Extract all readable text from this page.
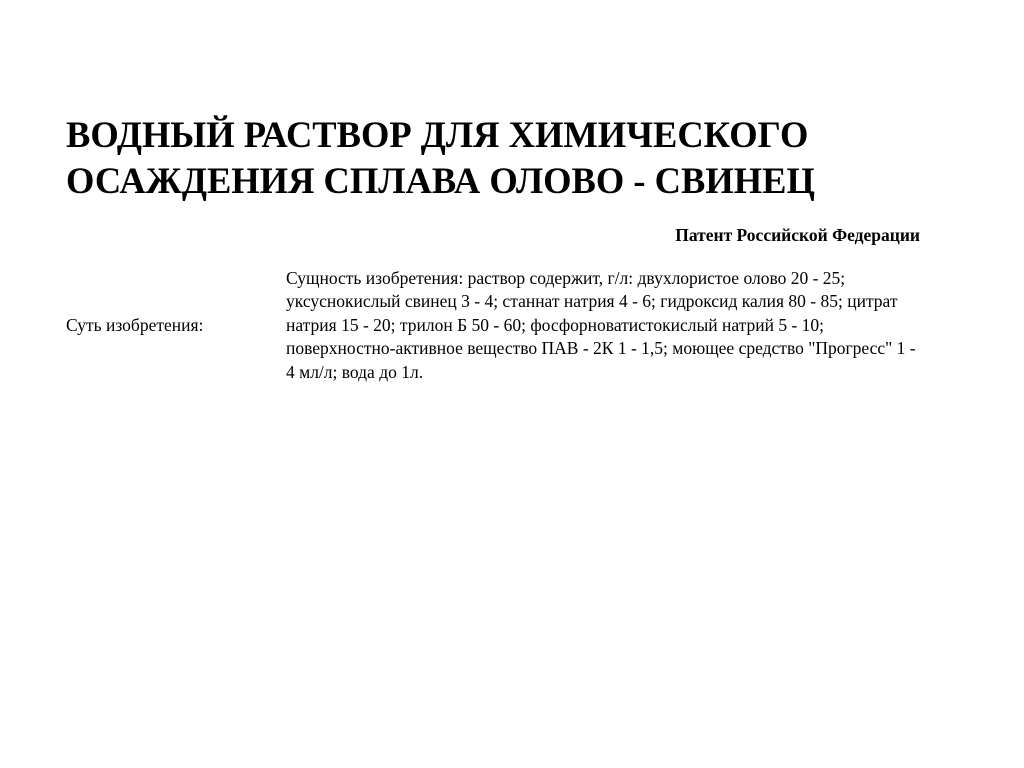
ВОДНЫЙ РАСТВОР ДЛЯ ХИМИЧЕСКОГО ОСАЖДЕНИЯ СПЛАВА ОЛОВО - СВИНЕЦ

Патент Российской Федерации

Суть изобретения:
Сущность изобретения: раствор содержит, г/л: двухлористое олово 20 - 25; уксуснокислый свинец 3 - 4; станнат натрия 4 - 6; гидроксид калия 80 - 85; цитрат натрия 15 - 20; трилон Б 50 - 60; фосфорноватистокислый натрий 5 - 10; поверхностно-активное вещество ПАВ - 2К 1 - 1,5; моющее средство "Прогресс" 1 - 4 мл/л; вода до 1л.
